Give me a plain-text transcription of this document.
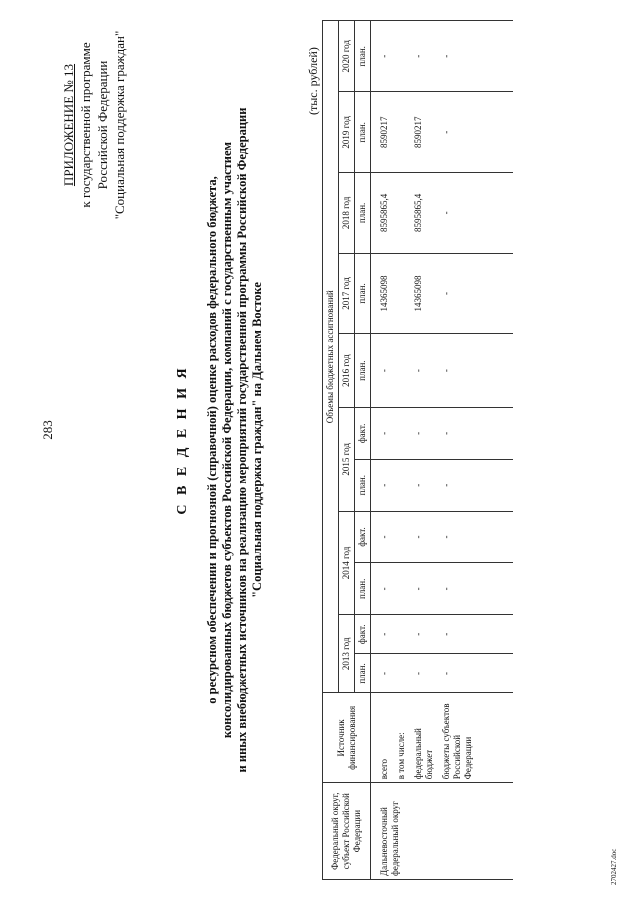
283
ПРИЛОЖЕНИЕ № 13 к государственной программе Российской Федерации "Социальная поддержка граждан"
С В Е Д Е Н И Я о ресурсном обеспечении и прогнозной (справочной) оценке расходов федерального бюджета, консолидированных бюджетов субъектов Российской Федерации, компаний с государственным участием и иных внебюджетных источников на реализацию мероприятий государственной программы Российской Федерации "Социальная поддержка граждан" на Дальнем Востоке
(тыс. рублей)
Федеральный округ, субъект Российской Федерации	Источник финансирования	Объемы бюджетных ассигнований										
		2013 год		2014 год		2015 год		2016 год	2017 год	2018 год	2019 год	2020 год
		план.	факт.	план.	факт.	план.	факт.	план.	план.	план.	план.	план.
Дальневосточный федеральный округ	всего	-	-	-	-	-	-	-	14365098	8595865,4	8590217	-
	в том числе:											
	федеральный бюджет	-	-	-	-	-	-	-	14365098	8595865,4	8590217	-
	бюджеты субъектов Российской Федерации	-	-	-	-	-	-	-	-	-	-	-
2702427.doc
